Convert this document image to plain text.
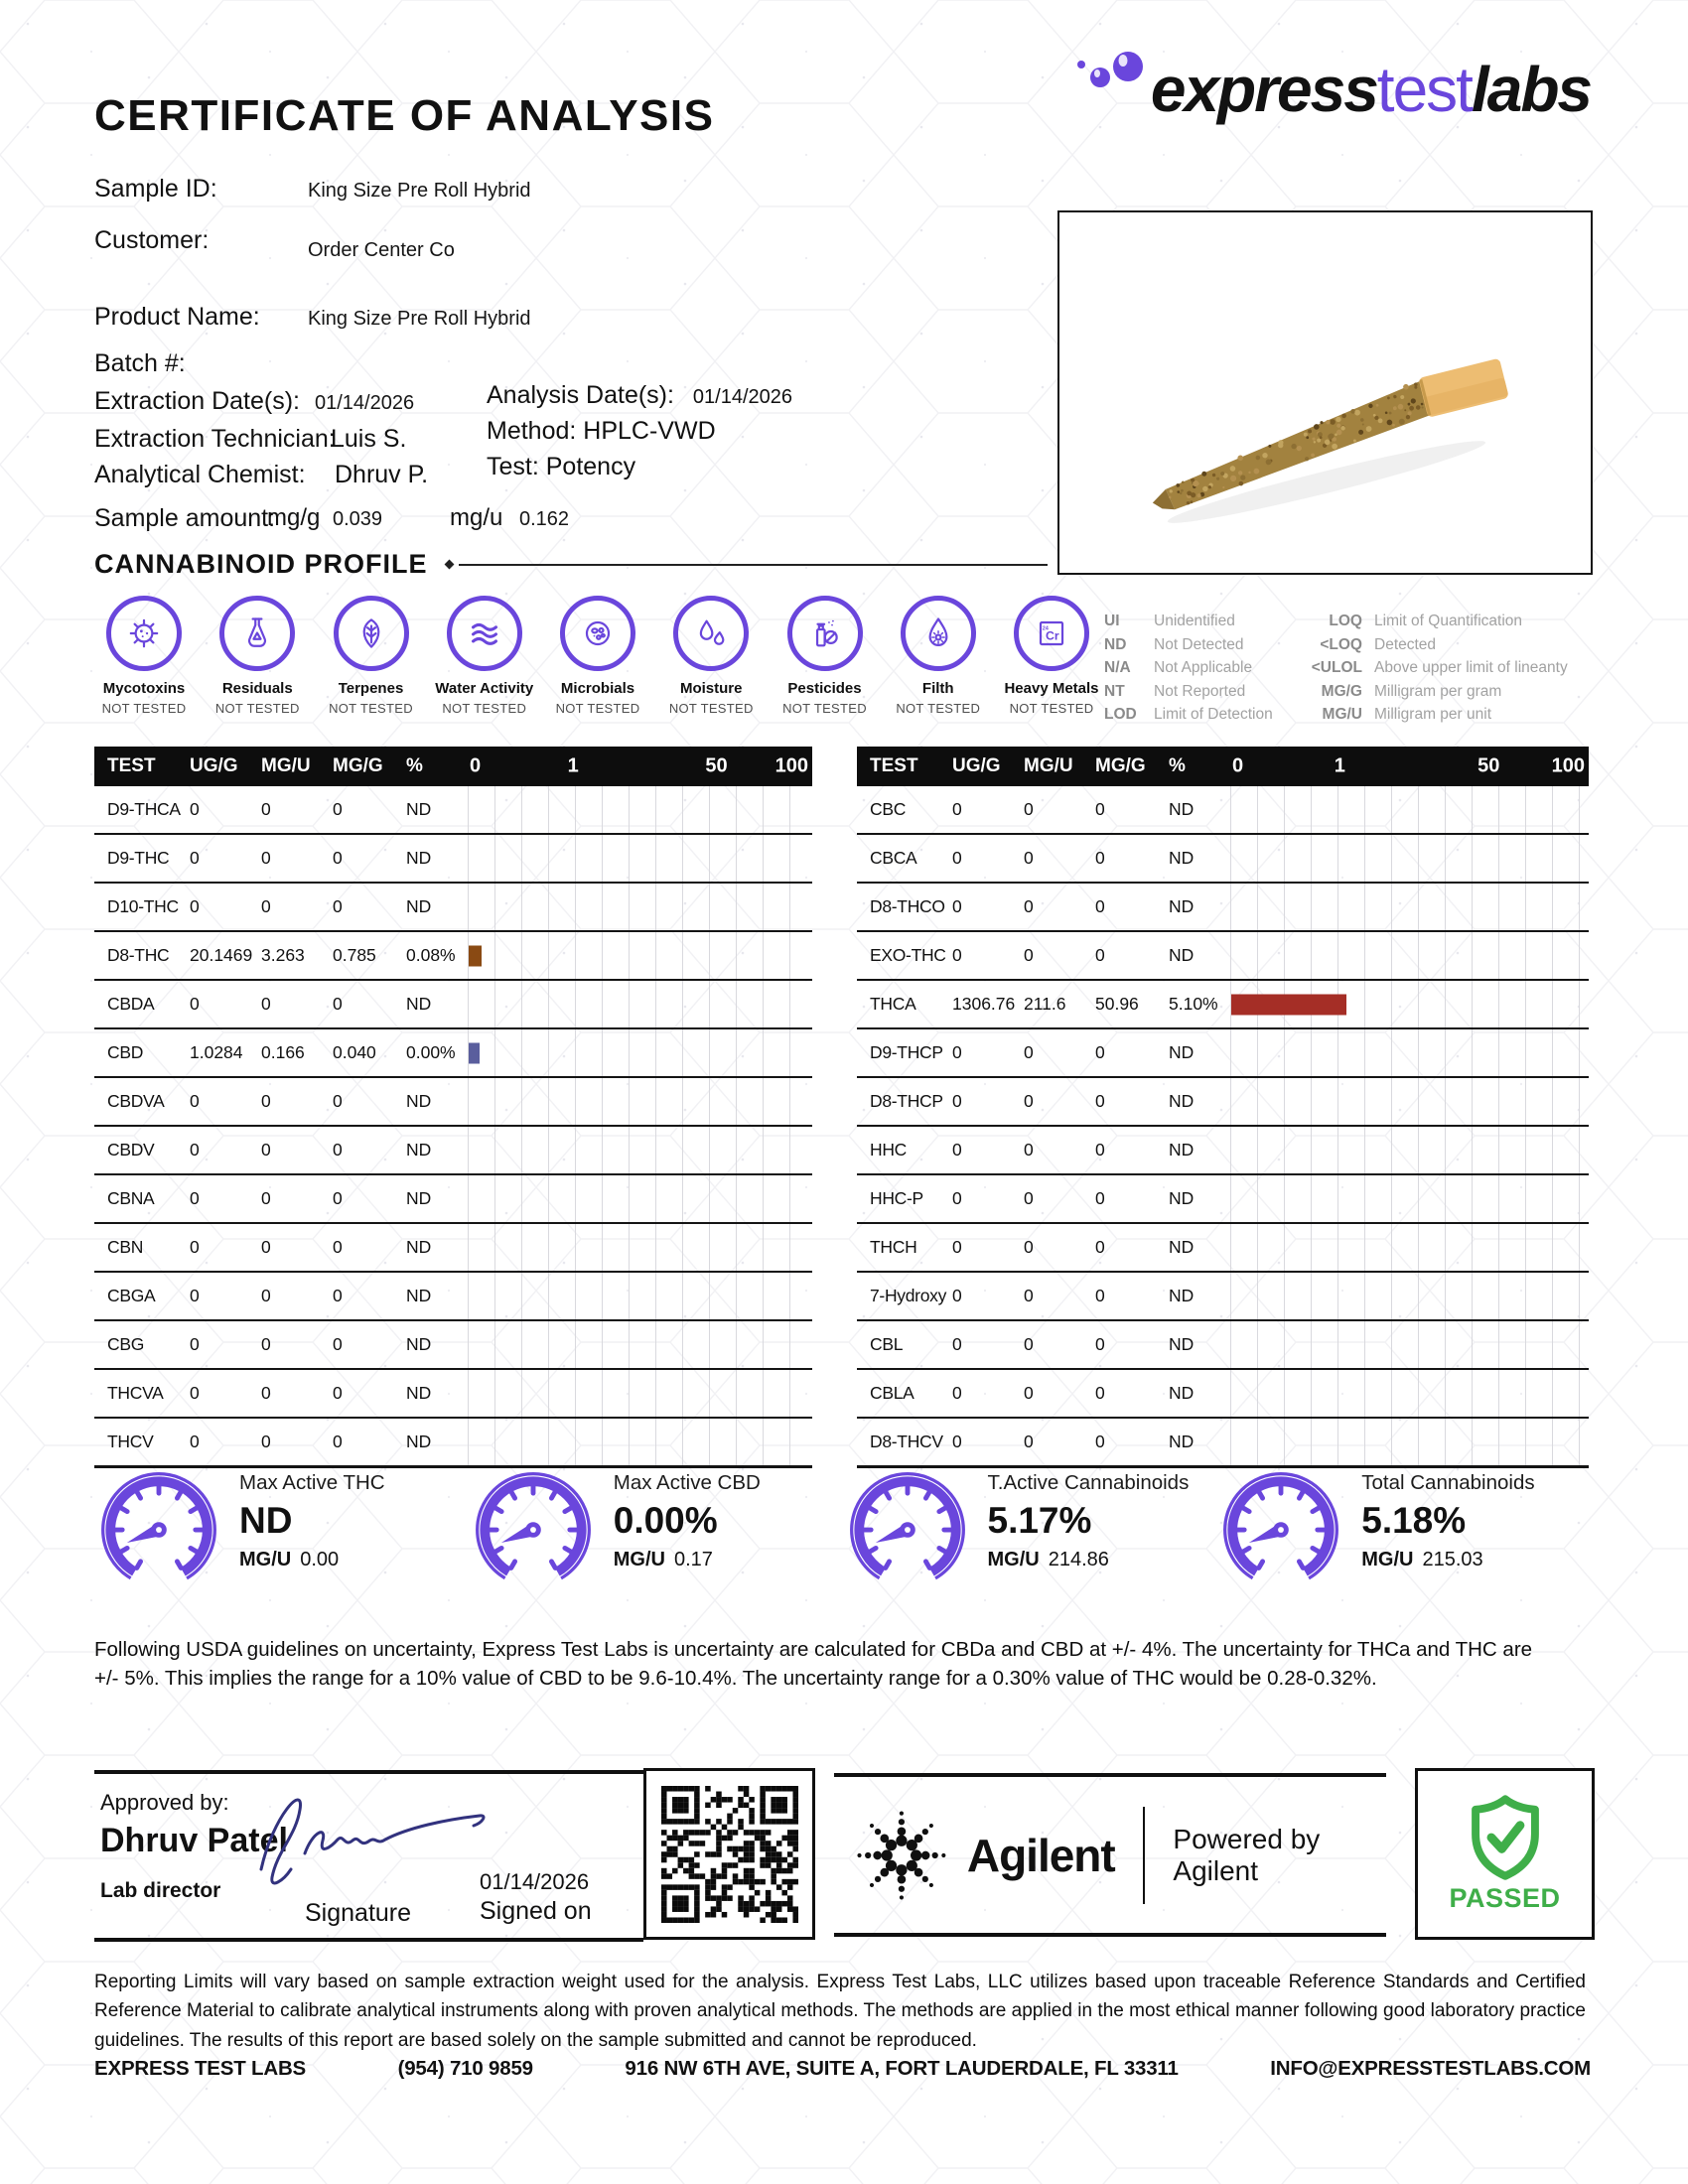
CERTIFICATE OF ANALYSIS	expresstestlabs
Sample ID:	King Size Pre Roll Hybrid
Customer:	Order Center Co
Product Name: King Size Pre Roll Hybrid
Batch #:
Extraction Date(s): 01/14/2026	Analysis Date(s): 01/14/2026
Extraction Technician:
Luis S.	Method: HPLC-VWD
Analytical Chemist: Dhruv P. Test: Potency
Sample amount:
mg/g 0.039	mg/u 0.162
CANNABINOID PROFILE
Mycotoxins
NOT TESTED
Residuals
NOT TESTED
Terpenes
NOT TESTED
Water Activity
NOT TESTED
Microbials
NOT TESTED
Moisture
NOT TESTED
Pesticides
NOT TESTED
Filth
NOT TESTED
Cr
24
Heavy Metals
NOT TESTED
UI	Unidentified
ND	Not Detected
N/A	Not Applicable
NT	Not Reported
LOD	Limit of Detection
LOQ Limit of Quantification
<LOQ Detected
<ULOL Above upper limit of lineanty
MG/G Milligram per gram
MG/U Milligram per unit
TEST	UG/G	MG/U	MG/G	%	0	1	50 100
D9-THCA 0	0	0	ND
D9-THC	0	0	0	ND
D10-THC 0	0	0	ND
D8-THC	20.1469 3.263	0.785	0.08%
CBDA	0	0	0	ND
CBD	1.0284	0.166	0.040	0.00%
CBDVA	0	0	0	ND
CBDV	0	0	0	ND
CBNA	0	0	0	ND
CBN	0	0	0	ND
CBGA	0	0	0	ND
CBG	0	0	0	ND
THCVA	0	0	0	ND
THCV	0	0	0	ND
TEST	UG/G	MG/U	MG/G	%	0	1	50	100
CBC	0	0	0	ND
CBCA	0	0	0	ND
D8-THCO 0	0	0	ND
EXO-THC 0	0	0	ND
THCA	1306.76 211.6	50.96	5.10%
D9-THCP 0	0	0	ND
D8-THCP 0	0	0	ND
HHC	0	0	0	ND
HHC-P	0	0	0	ND
THCH	0	0	0	ND
7-Hydroxy 0	0	0	ND
CBL	0	0	0	ND
CBLA	0	0	0	ND
D8-THCV 0	0	0	ND
Max Active THC
ND
MG/U 0.00
Max Active CBD
0.00%
MG/U 0.17
T.Active Cannabinoids
5.17%
MG/U 214.86
Total Cannabinoids
5.18%
MG/U 215.03
Following USDA guidelines on uncertainty, Express Test Labs is uncertainty are calculated for CBDa and CBD at +/- 4%. The uncertainty for THCa and THC are +/- 5%. This implies the range for a 10% value of CBD to be 9.6-10.4%. The uncertainty range for a 0.30% value of THC would be 0.28-0.32%.
Approved by:
Dhruv Patel
Lab director
Signature
01/14/2026
Signed on
Agilent Powered by Agilent
PASSED
Reporting Limits will vary based on sample extraction weight used for the analysis. Express Test Labs, LLC utilizes based upon traceable Reference Standards and Certified Reference Material to calibrate analytical instruments along with proven analytical methods. The methods are applied in the most ethical manner following good laboratory practice guidelines. The results of this report are based solely on the sample submitted and cannot be reproduced.
EXPRESS TEST LABS	(954) 710 9859	916 NW 6TH AVE, SUITE A, FORT LAUDERDALE, FL 33311	INFO@EXPRESSTESTLABS.COM
